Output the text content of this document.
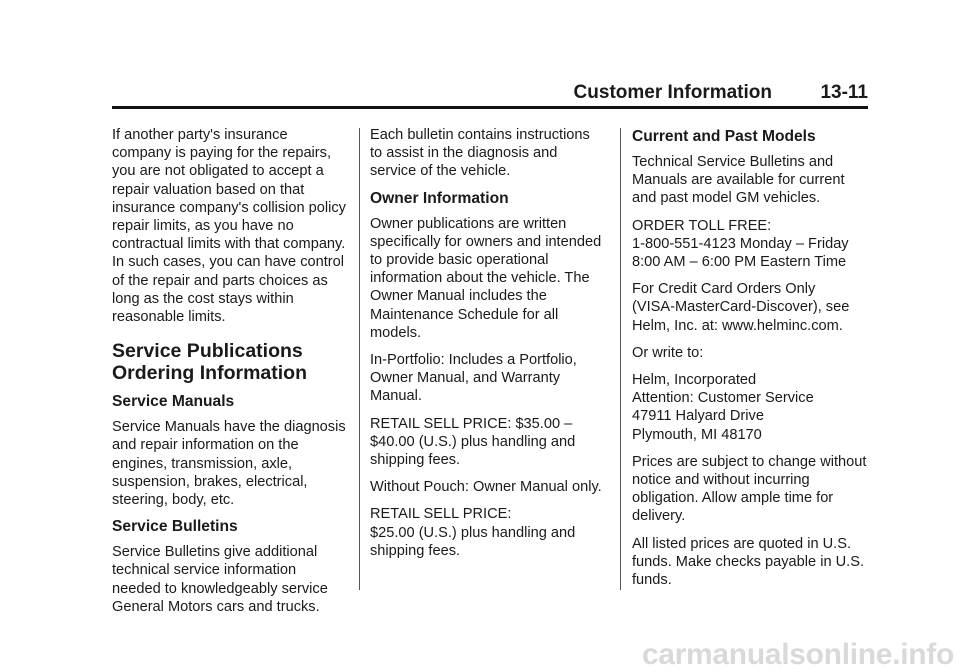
Customer Information	13-11

If another party's insurance
company is paying for the repairs,
you are not obligated to accept a
repair valuation based on that
insurance company's collision policy
repair limits, as you have no
contractual limits with that company.
In such cases, you can have control
of the repair and parts choices as
long as the cost stays within
reasonable limits.

Service Publications
Ordering Information
Service Manuals

Service Manuals have the diagnosis
and repair information on the
engines, transmission, axle,
suspension, brakes, electrical,
steering, body, etc.

Service Bulletins

Service Bulletins give additional
technical service information
needed to knowledgeably service
General Motors cars and trucks.

Each bulletin contains instructions
to assist in the diagnosis and
service of the vehicle.

Owner Information

Owner publications are written
specifically for owners and intended
to provide basic operational
information about the vehicle. The
Owner Manual includes the
Maintenance Schedule for all
models.

In-Portfolio: Includes a Portfolio,
Owner Manual, and Warranty
Manual.

RETAIL SELL PRICE: $35.00 –
$40.00 (U.S.) plus handling and
shipping fees.

Without Pouch: Owner Manual only.

RETAIL SELL PRICE:
$25.00 (U.S.) plus handling and
shipping fees.

Current and Past Models

Technical Service Bulletins and
Manuals are available for current
and past model GM vehicles.

ORDER TOLL FREE:
1-800-551-4123 Monday – Friday
8:00 AM – 6:00 PM Eastern Time

For Credit Card Orders Only
(VISA-MasterCard-Discover), see
Helm, Inc. at: www.helminc.com.

Or write to:

Helm, Incorporated
Attention: Customer Service
47911 Halyard Drive
Plymouth, MI 48170

Prices are subject to change without
notice and without incurring
obligation. Allow ample time for
delivery.

All listed prices are quoted in U.S.
funds. Make checks payable in U.S.
funds.

carmanualsonline.info
